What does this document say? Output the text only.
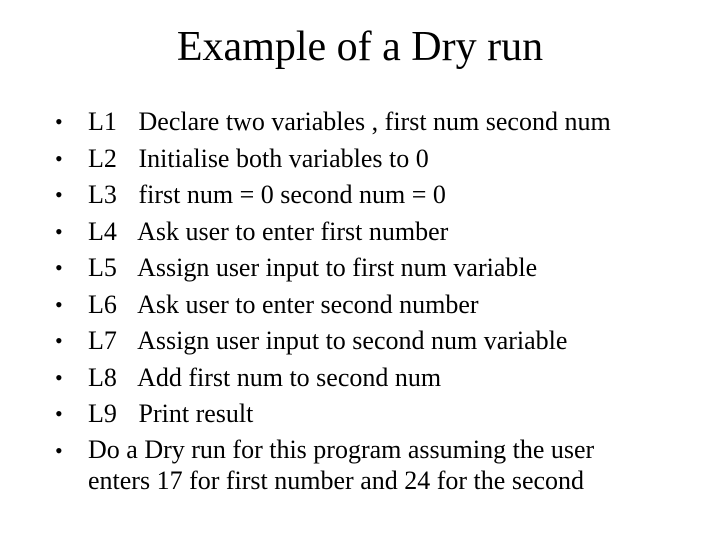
Example of a Dry run
• L1 Declare two variables , first num second num
• L2 Initialise both variables to 0
• L3 first num = 0 second num = 0
• L4 Ask user to enter first number
• L5 Assign user input to first num variable
• L6 Ask user to enter second number
• L7 Assign user input to second num variable
• L8 Add first num to second num
• L9 Print result
• Do a Dry run for this program assuming the user
enters 17 for first number and 24 for the second
